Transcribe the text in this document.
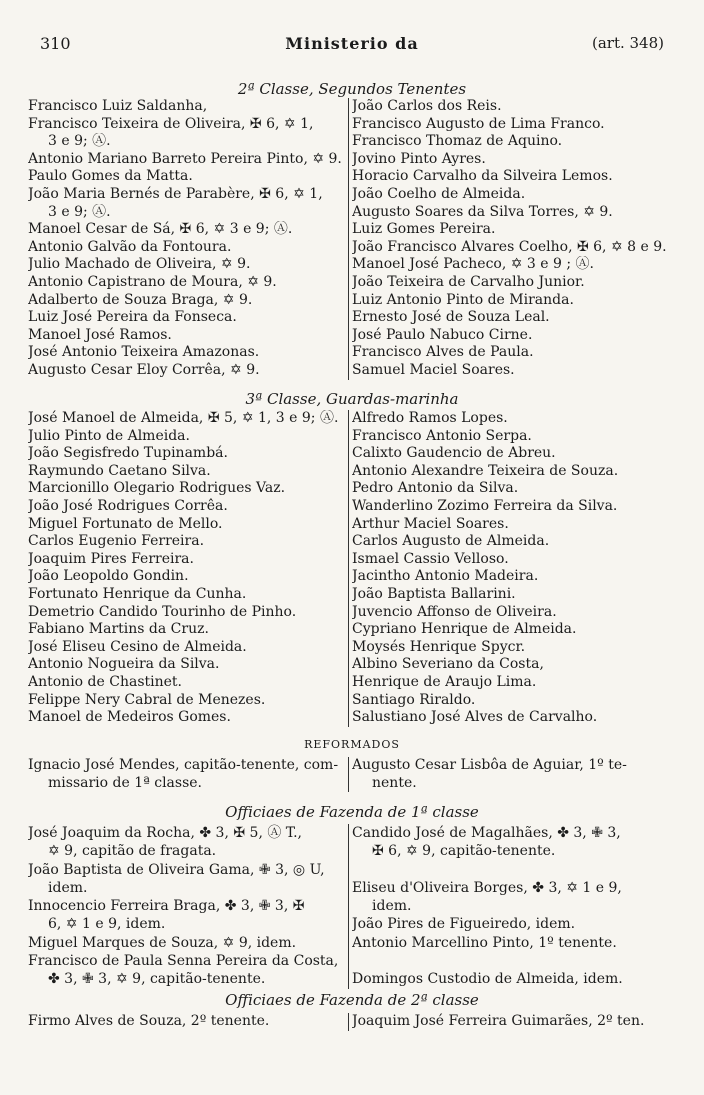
310	Ministerio da	(art. 348)
2ª Classe, Segundos Tenentes
Francisco Luiz Saldanha,
Francisco Teixeira de Oliveira, ✠ 6, ✡ 1,
3 e 9; Ⓐ.
Antonio Mariano Barreto Pereira Pinto, ✡ 9.
Paulo Gomes da Matta.
João Maria Bernés de Parabère, ✠ 6, ✡ 1,
3 e 9; Ⓐ.
Manoel Cesar de Sá, ✠ 6, ✡ 3 e 9; Ⓐ.
Antonio Galvão da Fontoura.
Julio Machado de Oliveira, ✡ 9.
Antonio Capistrano de Moura, ✡ 9.
Adalberto de Souza Braga, ✡ 9.
Luiz José Pereira da Fonseca.
Manoel José Ramos.
José Antonio Teixeira Amazonas.
Augusto Cesar Eloy Corrêa, ✡ 9.
João Carlos dos Reis.
Francisco Augusto de Lima Franco.
Francisco Thomaz de Aquino.
Jovino Pinto Ayres.
Horacio Carvalho da Silveira Lemos.
João Coelho de Almeida.
Augusto Soares da Silva Torres, ✡ 9.
Luiz Gomes Pereira.
João Francisco Alvares Coelho, ✠ 6, ✡ 8 e 9.
Manoel José Pacheco, ✡ 3 e 9 ; Ⓐ.
João Teixeira de Carvalho Junior.
Luiz Antonio Pinto de Miranda.
Ernesto José de Souza Leal.
José Paulo Nabuco Cirne.
Francisco Alves de Paula.
Samuel Maciel Soares.
3ª Classe, Guardas-marinha
José Manoel de Almeida, ✠ 5, ✡ 1, 3 e 9; Ⓐ.
Julio Pinto de Almeida.
João Segisfredo Tupinambá.
Raymundo Caetano Silva.
Marcionillo Olegario Rodrigues Vaz.
João José Rodrigues Corrêa.
Miguel Fortunato de Mello.
Carlos Eugenio Ferreira.
Joaquim Pires Ferreira.
João Leopoldo Gondin.
Fortunato Henrique da Cunha.
Demetrio Candido Tourinho de Pinho.
Fabiano Martins da Cruz.
José Eliseu Cesino de Almeida.
Antonio Nogueira da Silva.
Antonio de Chastinet.
Felippe Nery Cabral de Menezes.
Manoel de Medeiros Gomes.
Alfredo Ramos Lopes.
Francisco Antonio Serpa.
Calixto Gaudencio de Abreu.
Antonio Alexandre Teixeira de Souza.
Pedro Antonio da Silva.
Wanderlino Zozimo Ferreira da Silva.
Arthur Maciel Soares.
Carlos Augusto de Almeida.
Ismael Cassio Velloso.
Jacintho Antonio Madeira.
João Baptista Ballarini.
Juvencio Affonso de Oliveira.
Cypriano Henrique de Almeida.
Moysés Henrique Spycr.
Albino Severiano da Costa,
Henrique de Araujo Lima.
Santiago Riraldo.
Salustiano José Alves de Carvalho.
REFORMADOS
Ignacio José Mendes, capitão-tenente, com-
missario de 1ª classe.
Augusto Cesar Lisbôa de Aguiar, 1º te-
nente.
Officiaes de Fazenda de 1ª classe
José Joaquim da Rocha, ✤ 3, ✠ 5, Ⓐ T.,
✡ 9, capitão de fragata.
João Baptista de Oliveira Gama, ✙ 3, ◎ U,
idem.
Innocencio Ferreira Braga, ✤ 3, ✙ 3, ✠
6, ✡ 1 e 9, idem.
Miguel Marques de Souza, ✡ 9, idem.
Francisco de Paula Senna Pereira da Costa,
✤ 3, ✙ 3, ✡ 9, capitão-tenente.
Candido José de Magalhães, ✤ 3, ✙ 3,
✠ 6, ✡ 9, capitão-tenente.
Eliseu d'Oliveira Borges, ✤ 3, ✡ 1 e 9,
idem.
João Pires de Figueiredo, idem.
Antonio Marcellino Pinto, 1º tenente.
Domingos Custodio de Almeida, idem.
Officiaes de Fazenda de 2ª classe
Firmo Alves de Souza, 2º tenente.	Joaquim José Ferreira Guimarães, 2º ten.
